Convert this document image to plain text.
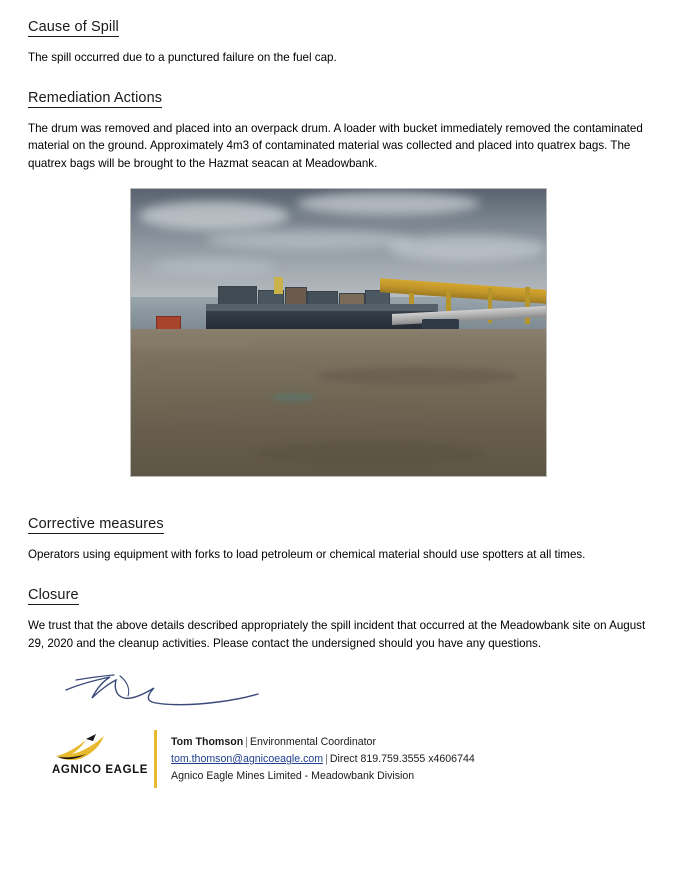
Cause of Spill

The spill occurred due to a punctured failure on the fuel cap.

Remediation Actions

The drum was removed and placed into an overpack drum. A loader with bucket immediately removed the contaminated material on the ground. Approximately 4m3 of contaminated material was collected and placed into quatrex bags. The quatrex bags will be brought to the Hazmat seacan at Meadowbank.

Corrective measures

Operators using equipment with forks to load petroleum or chemical material should use spotters at all times.

Closure

We trust that the above details described appropriately the spill incident that occurred at the Meadowbank site on August 29, 2020 and the cleanup activities. Please contact the undersigned should you have any questions.

AGNICO EAGLE
Tom Thomson | Environmental Coordinator
tom.thomson@agnicoeagle.com | Direct 819.759.3555 x4606744
Agnico Eagle Mines Limited - Meadowbank Division
